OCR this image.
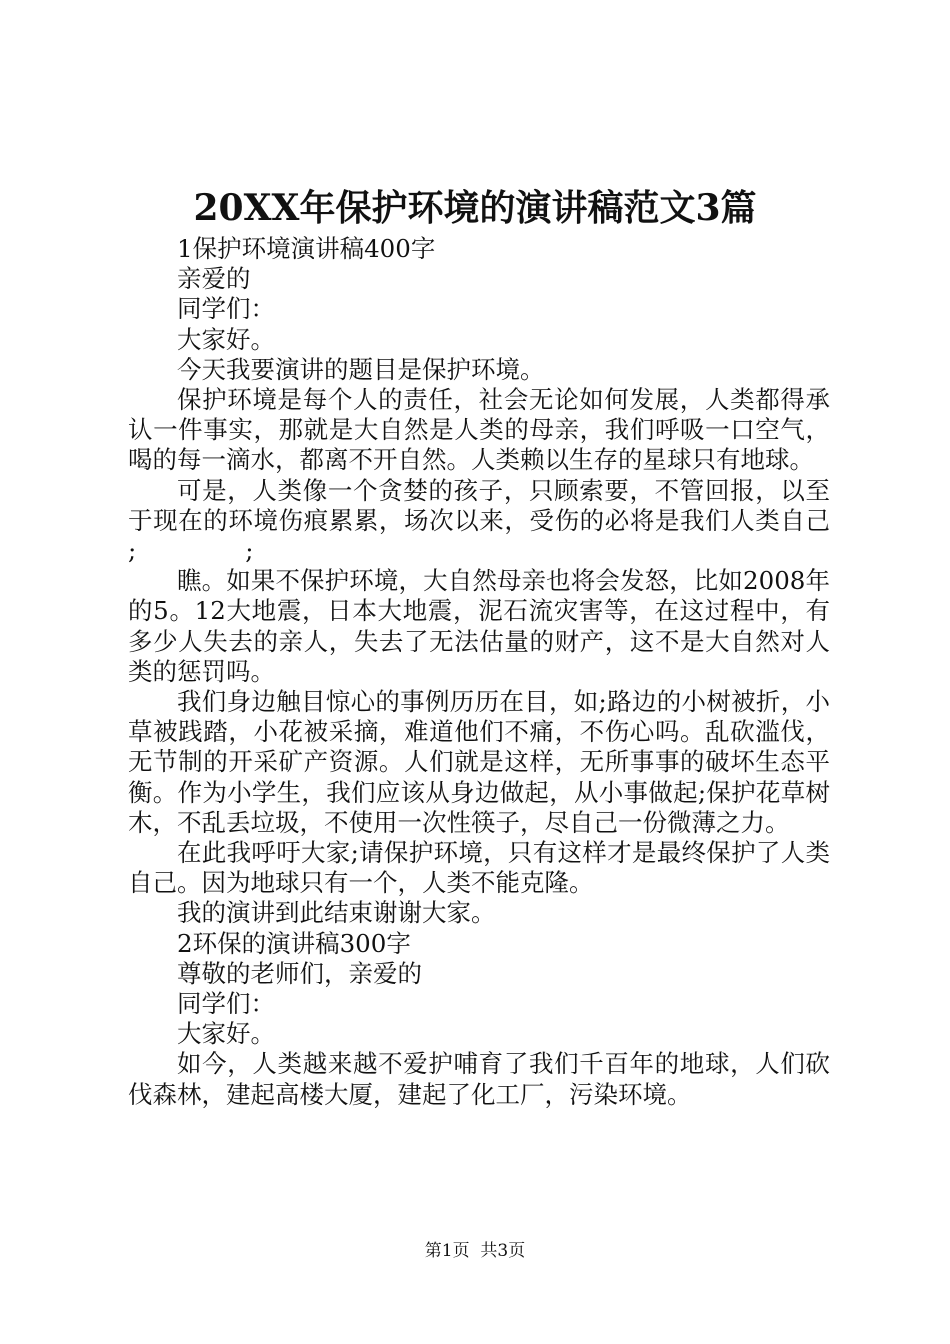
20XX年保护环境的演讲稿范文3篇

1保护环境演讲稿400字

亲爱的

同学们：

大家好。

今天我要演讲的题目是保护环境。

保护环境是每个人的责任，社会无论如何发展，人类都得承认一件事实，那就是大自然是人类的母亲，我们呼吸一口空气，喝的每一滴水，都离不开自然。人类赖以生存的星球只有地球。

可是，人类像一个贪婪的孩子，只顾索要，不管回报，以至于现在的环境伤痕累累，场次以来，受伤的必将是我们人类自己              ;              ;

瞧。如果不保护环境，大自然母亲也将会发怒，比如2008年的5。12大地震，日本大地震，泥石流灾害等，在这过程中，有多少人失去的亲人，失去了无法估量的财产，这不是大自然对人类的惩罚吗。

我们身边触目惊心的事例历历在目，如;路边的小树被折，小草被践踏，小花被采摘，难道他们不痛，不伤心吗。乱砍滥伐，无节制的开采矿产资源。人们就是这样，无所事事的破坏生态平衡。作为小学生，我们应该从身边做起，从小事做起;保护花草树木，不乱丢垃圾，不使用一次性筷子，尽自己一份微薄之力。

在此我呼吁大家;请保护环境，只有这样才是最终保护了人类自己。因为地球只有一个，人类不能克隆。

我的演讲到此结束谢谢大家。

2环保的演讲稿300字

尊敬的老师们，亲爱的

同学们：

大家好。

如今，人类越来越不爱护哺育了我们千百年的地球，人们砍伐森林，建起高楼大厦，建起了化工厂，污染环境。

第1页  共3页
